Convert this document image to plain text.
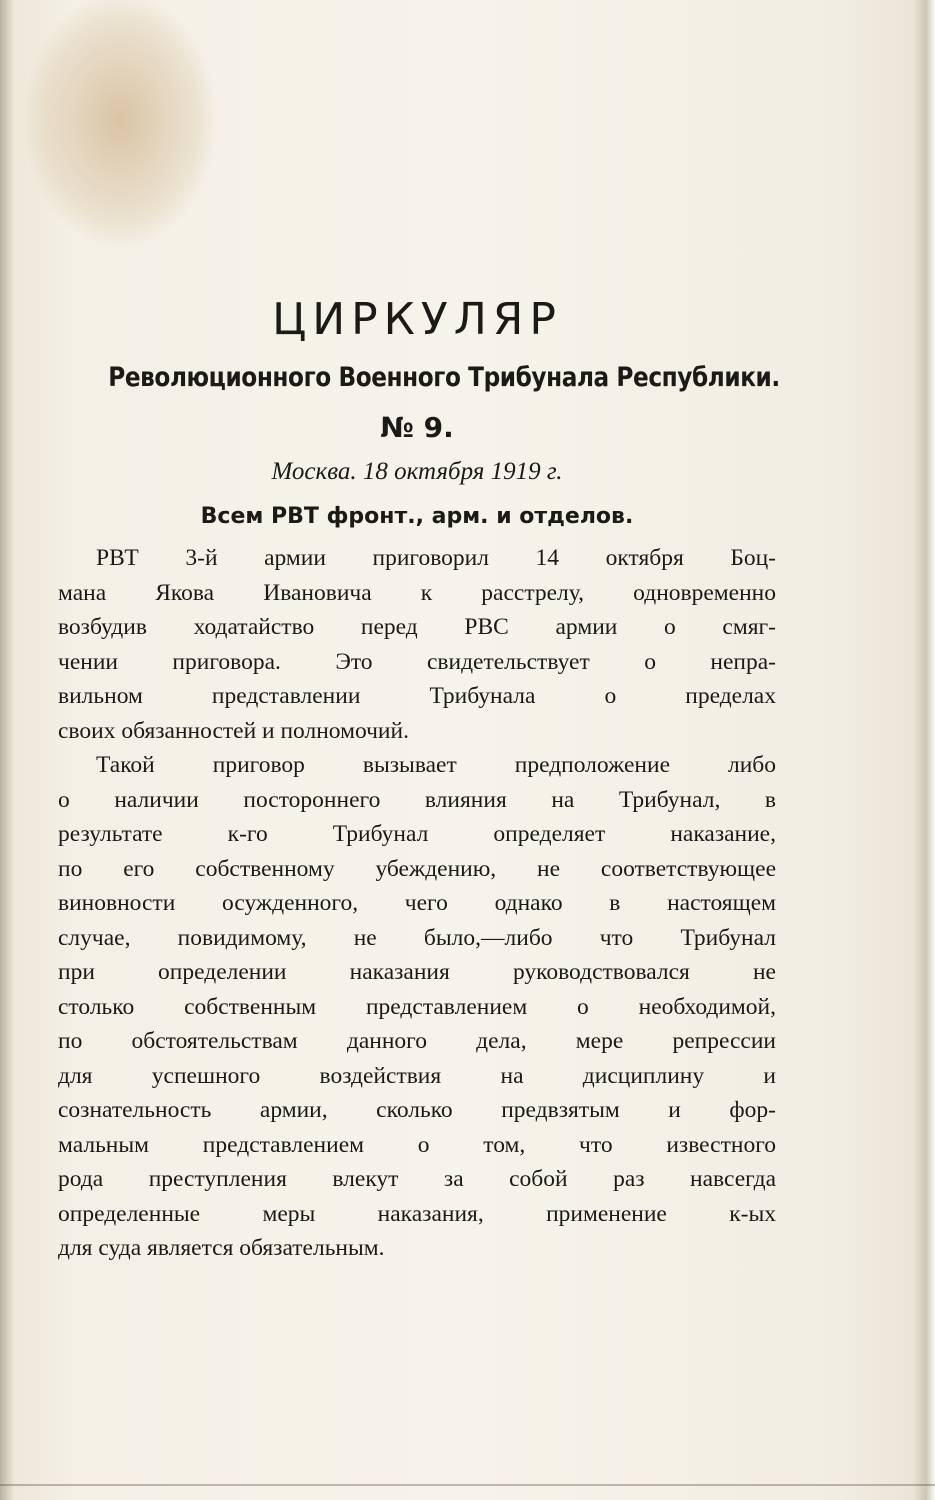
ЦИРКУЛЯР
Революционного Военного Трибунала Республики.
№ 9.
Москва. 18 октября 1919 г.
Всем РВТ фронт., арм. и отделов.

РВТ 3-й армии приговорил 14 октября Боц-
мана Якова Ивановича к расстрелу, одновременно
возбудив ходатайство перед РВС армии о смяг-
чении приговора. Это свидетельствует о непра-
вильном представлении Трибунала о пределах
своих обязанностей и полномочий.

Такой приговор вызывает предположение либо
о наличии постороннего влияния на Трибунал, в
результате к-го Трибунал определяет наказание,
по его собственному убеждению, не соответствующее
виновности осужденного, чего однако в настоящем
случае, повидимому, не было,—либо что Трибунал
при определении наказания руководствовался не
столько собственным представлением о необходимой,
по обстоятельствам данного дела, мере репрессии
для успешного воздействия на дисциплину и
сознательность армии, сколько предвзятым и фор-
мальным представлением о том, что известного
рода преступления влекут за собой раз навсегда
определенные меры наказания, применение к-ых
для суда является обязательным.
